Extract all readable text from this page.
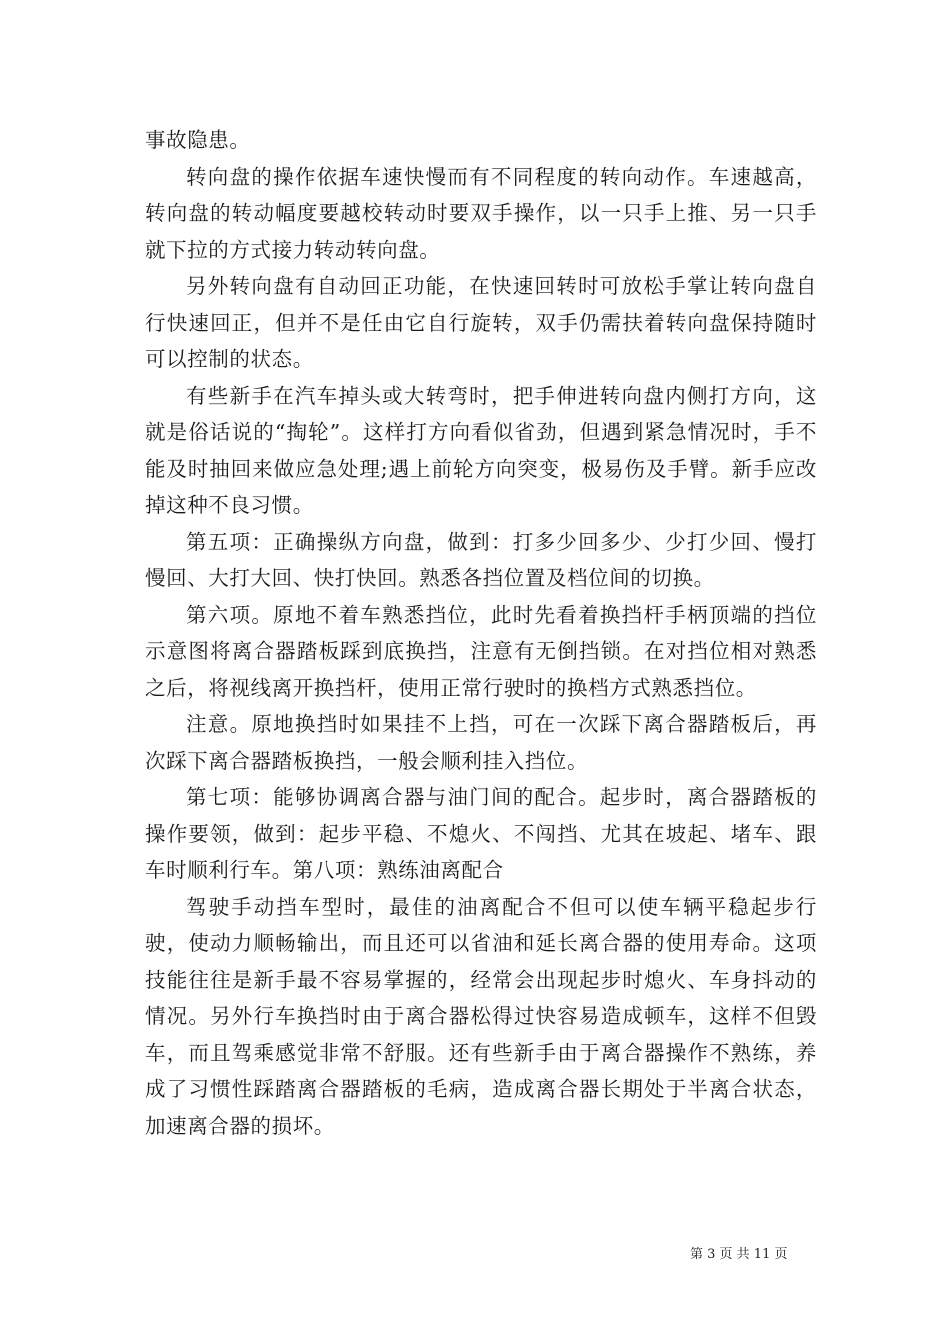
事故隐患。

转向盘的操作依据车速快慢而有不同程度的转向动作。车速越高，转向盘的转动幅度要越校转动时要双手操作，以一只手上推、另一只手就下拉的方式接力转动转向盘。

另外转向盘有自动回正功能，在快速回转时可放松手掌让转向盘自行快速回正，但并不是任由它自行旋转，双手仍需扶着转向盘保持随时可以控制的状态。

有些新手在汽车掉头或大转弯时，把手伸进转向盘内侧打方向，这就是俗话说的“掏轮”。这样打方向看似省劲，但遇到紧急情况时，手不能及时抽回来做应急处理;遇上前轮方向突变，极易伤及手臂。新手应改掉这种不良习惯。

第五项：正确操纵方向盘，做到：打多少回多少、少打少回、慢打慢回、大打大回、快打快回。熟悉各挡位置及档位间的切换。

第六项。原地不着车熟悉挡位，此时先看着换挡杆手柄顶端的挡位示意图将离合器踏板踩到底换挡，注意有无倒挡锁。在对挡位相对熟悉之后，将视线离开换挡杆，使用正常行驶时的换档方式熟悉挡位。

注意。原地换挡时如果挂不上挡，可在一次踩下离合器踏板后，再次踩下离合器踏板换挡，一般会顺利挂入挡位。

第七项：能够协调离合器与油门间的配合。起步时，离合器踏板的操作要领，做到：起步平稳、不熄火、不闯挡、尤其在坡起、堵车、跟车时顺利行车。第八项：熟练油离配合

驾驶手动挡车型时，最佳的油离配合不但可以使车辆平稳起步行驶，使动力顺畅输出，而且还可以省油和延长离合器的使用寿命。这项技能往往是新手最不容易掌握的，经常会出现起步时熄火、车身抖动的情况。另外行车换挡时由于离合器松得过快容易造成顿车，这样不但毁车，而且驾乘感觉非常不舒服。还有些新手由于离合器操作不熟练，养成了习惯性踩踏离合器踏板的毛病，造成离合器长期处于半离合状态，加速离合器的损坏。

第 3 页 共 11 页
